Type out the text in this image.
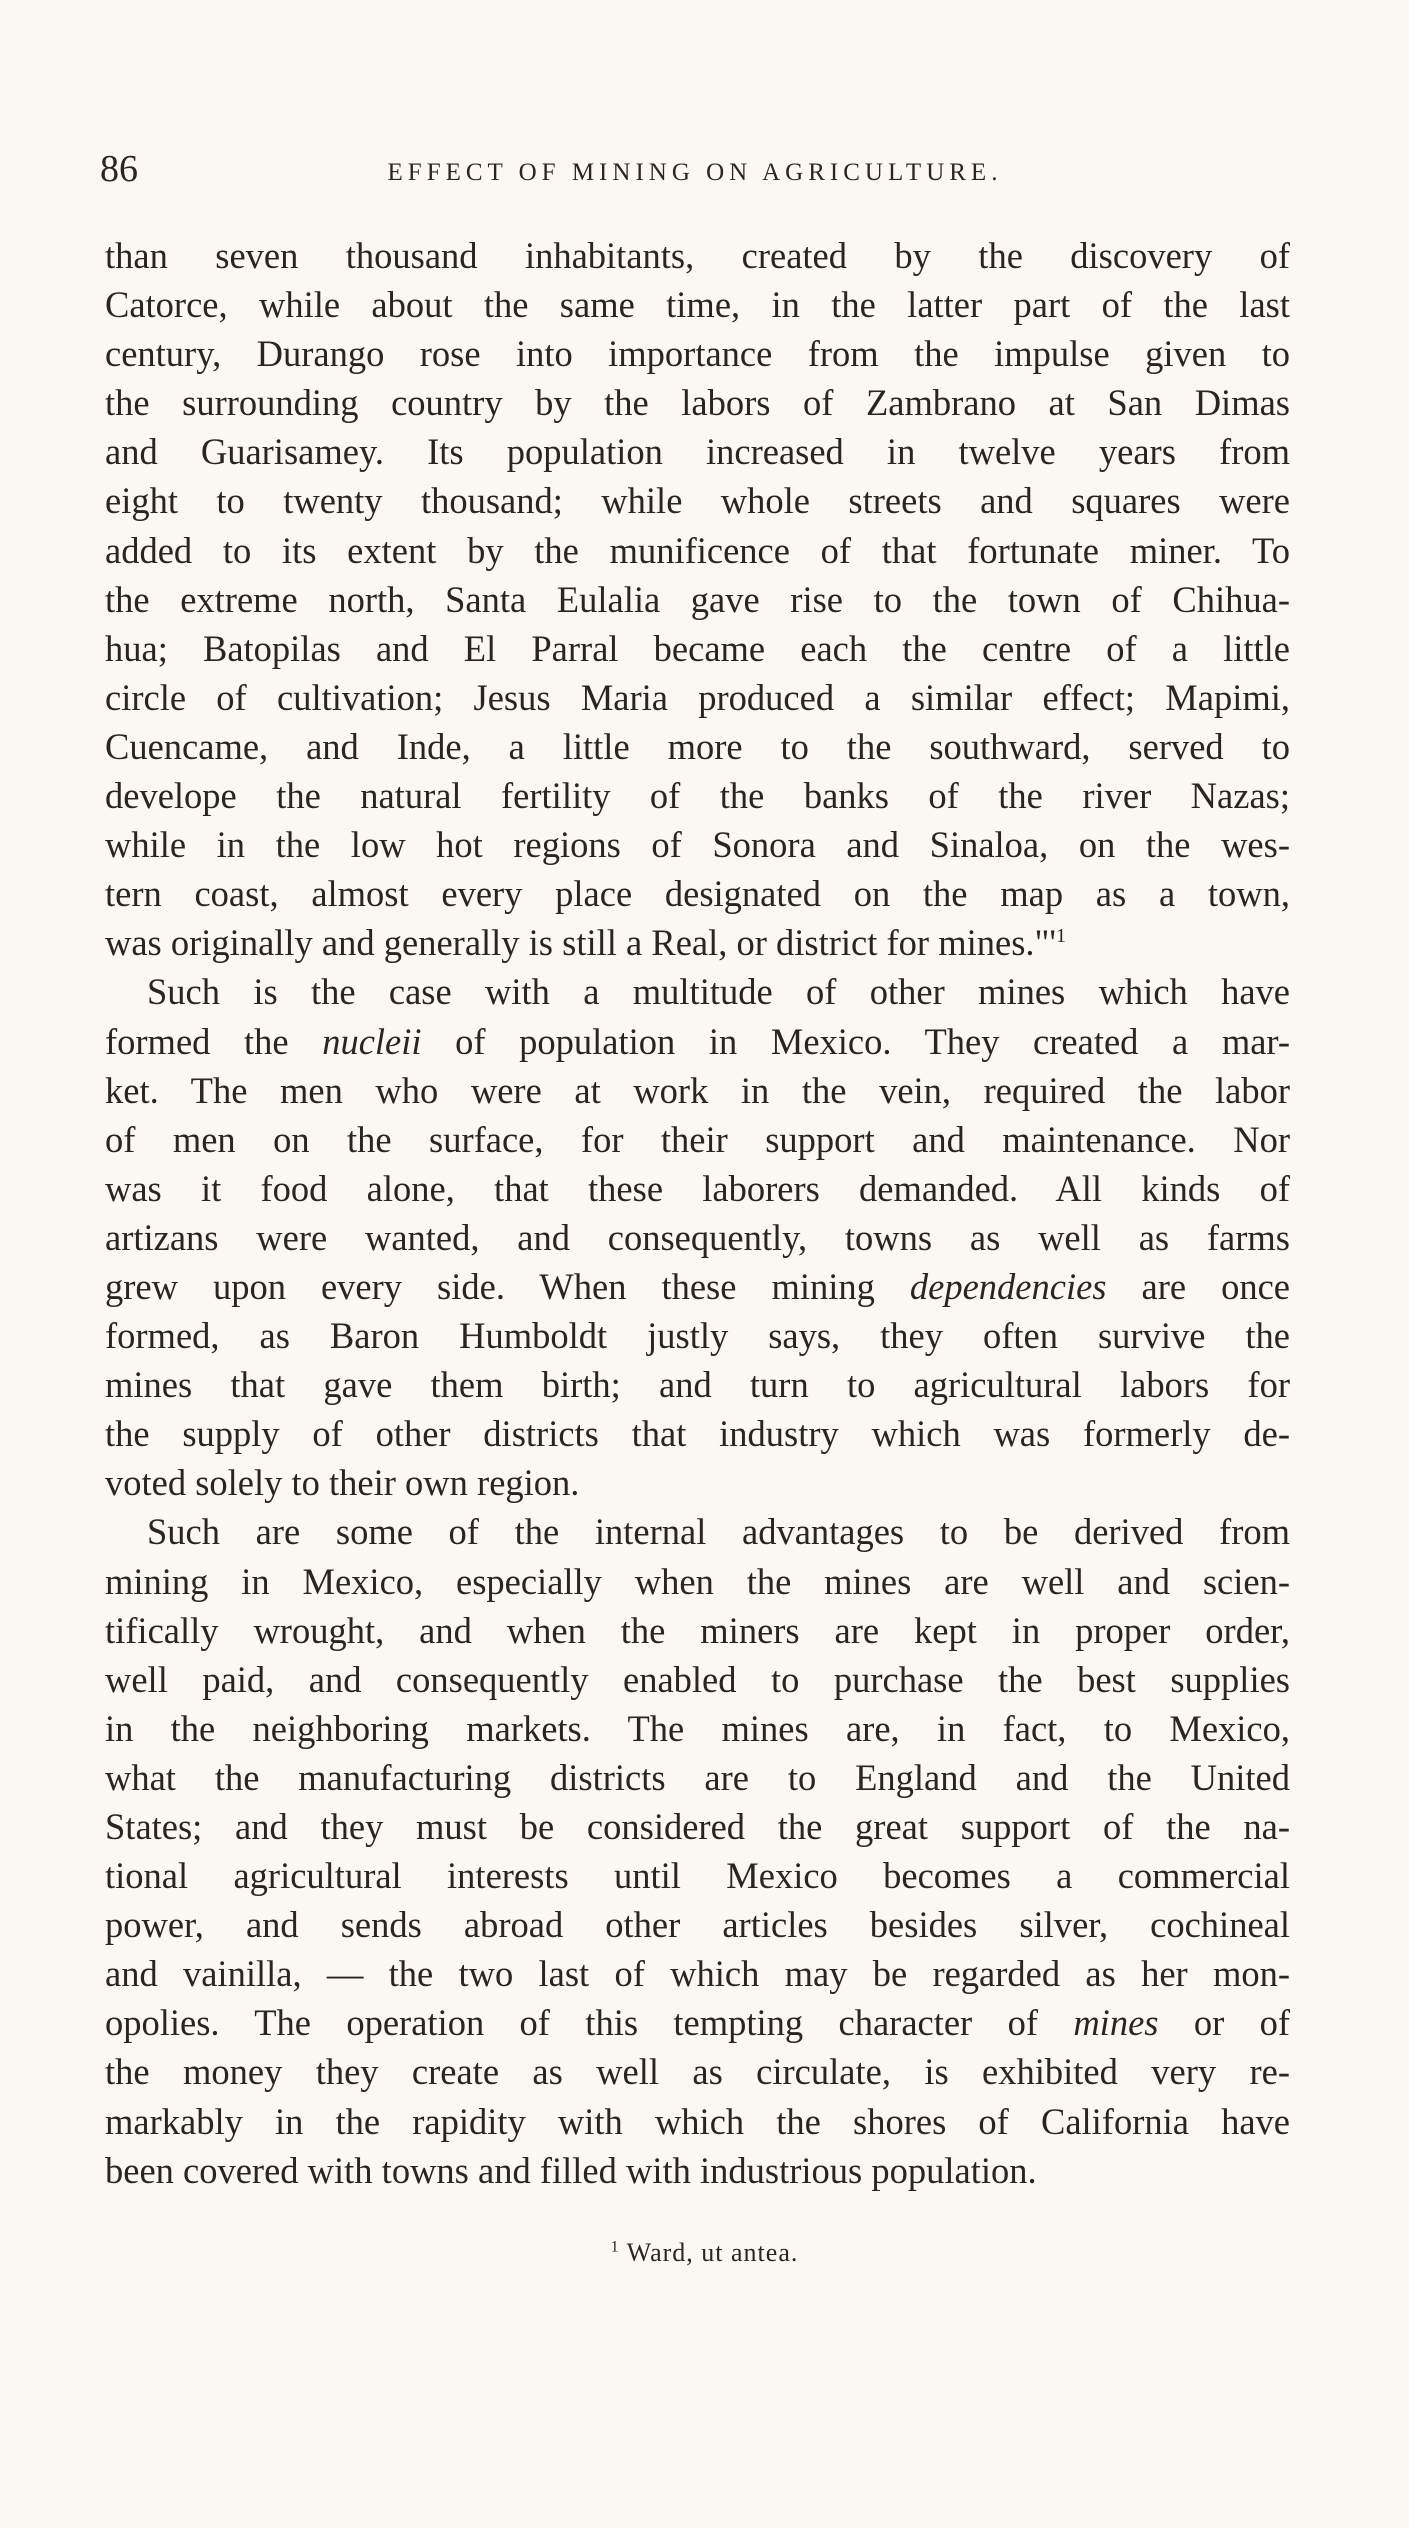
86	EFFECT OF MINING ON AGRICULTURE.
than seven thousand inhabitants, created by the discovery of
Catorce, while about the same time, in the latter part of the last
century, Durango rose into importance from the impulse given to
the surrounding country by the labors of Zambrano at San Dimas
and Guarisamey. Its population increased in twelve years from
eight to twenty thousand; while whole streets and squares were
added to its extent by the munificence of that fortunate miner. To
the extreme north, Santa Eulalia gave rise to the town of Chihua-
hua; Batopilas and El Parral became each the centre of a little
circle of cultivation; Jesus Maria produced a similar effect; Mapimi,
Cuencame, and Inde, a little more to the southward, served to
develope the natural fertility of the banks of the river Nazas;
while in the low hot regions of Sonora and Sinaloa, on the wes-
tern coast, almost every place designated on the map as a town,
was originally and generally is still a Real, or district for $mines."'^1$
Such is the case with a multitude of other mines which have
formed the nucleii of population in Mexico. They created a mar-
ket. The men who were at work in the vein, required the labor
of men on the surface, for their support and maintenance. Nor
was it food alone, that these laborers demanded. All kinds of
artizans were wanted, and consequently, towns as well as farms
grew upon every side. When these mining dependencies are once
formed, as Baron Humboldt justly says, they often survive the
mines that gave them birth; and turn to agricultural labors for
the supply of other districts that industry which was formerly de-
voted solely to their own region.
Such are some of the internal advantages to be derived from
mining in Mexico, especially when the mines are well and scien-
tifically wrought, and when the miners are kept in proper order,
well paid, and consequently enabled to purchase the best supplies
in the neighboring markets. The mines are, in fact, to Mexico,
what the manufacturing districts are to England and the United
States; and they must be considered the great support of the na-
tional agricultural interests until Mexico becomes a commercial
power, and sends abroad other articles besides silver, cochineal
and vainilla, — the two last of which may be regarded as her mon-
opolies. The operation of this tempting character of mines or of
the money they create as well as circulate, is exhibited very re-
markably in the rapidity with which the shores of California have
been covered with towns and filled with industrious population.
$^1$ Ward, ut antea.
